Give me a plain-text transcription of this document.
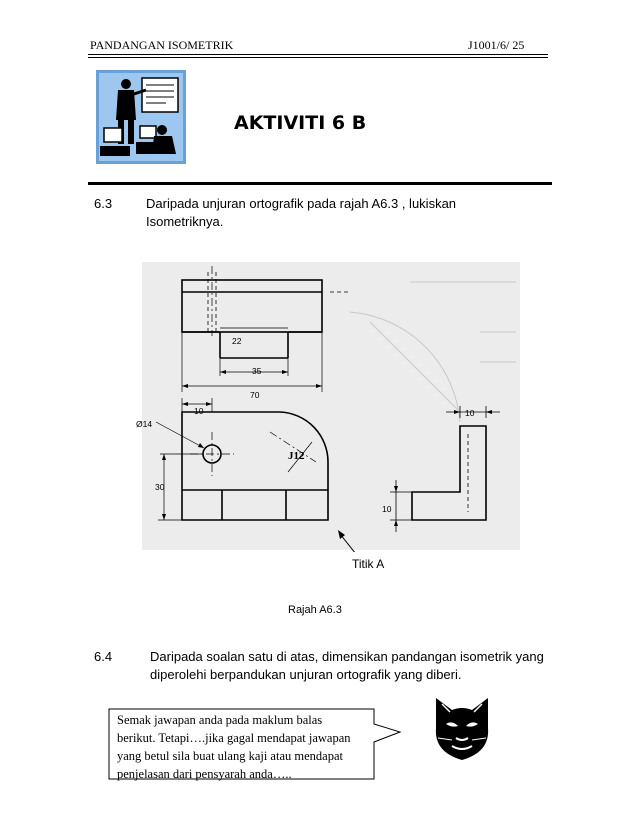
PANDANGAN ISOMETRIK	J1001/6/ 25
AKTIVITI 6 B
6.3	Daripada unjuran ortografik pada rajah A6.3 , lukiskan
Isometriknya.
22
35
70
10	10
Ø14
J12
30
10
Titik A
Rajah A6.3
6.4	Daripada soalan satu di atas, dimensikan pandangan isometrik yang
diperolehi berpandukan unjuran ortografik yang diberi.
Semak jawapan anda pada maklum balas
berikut. Tetapi….jika gagal mendapat jawapan
yang betul sila buat ulang kaji atau mendapat
penjelasan dari pensyarah anda…..
